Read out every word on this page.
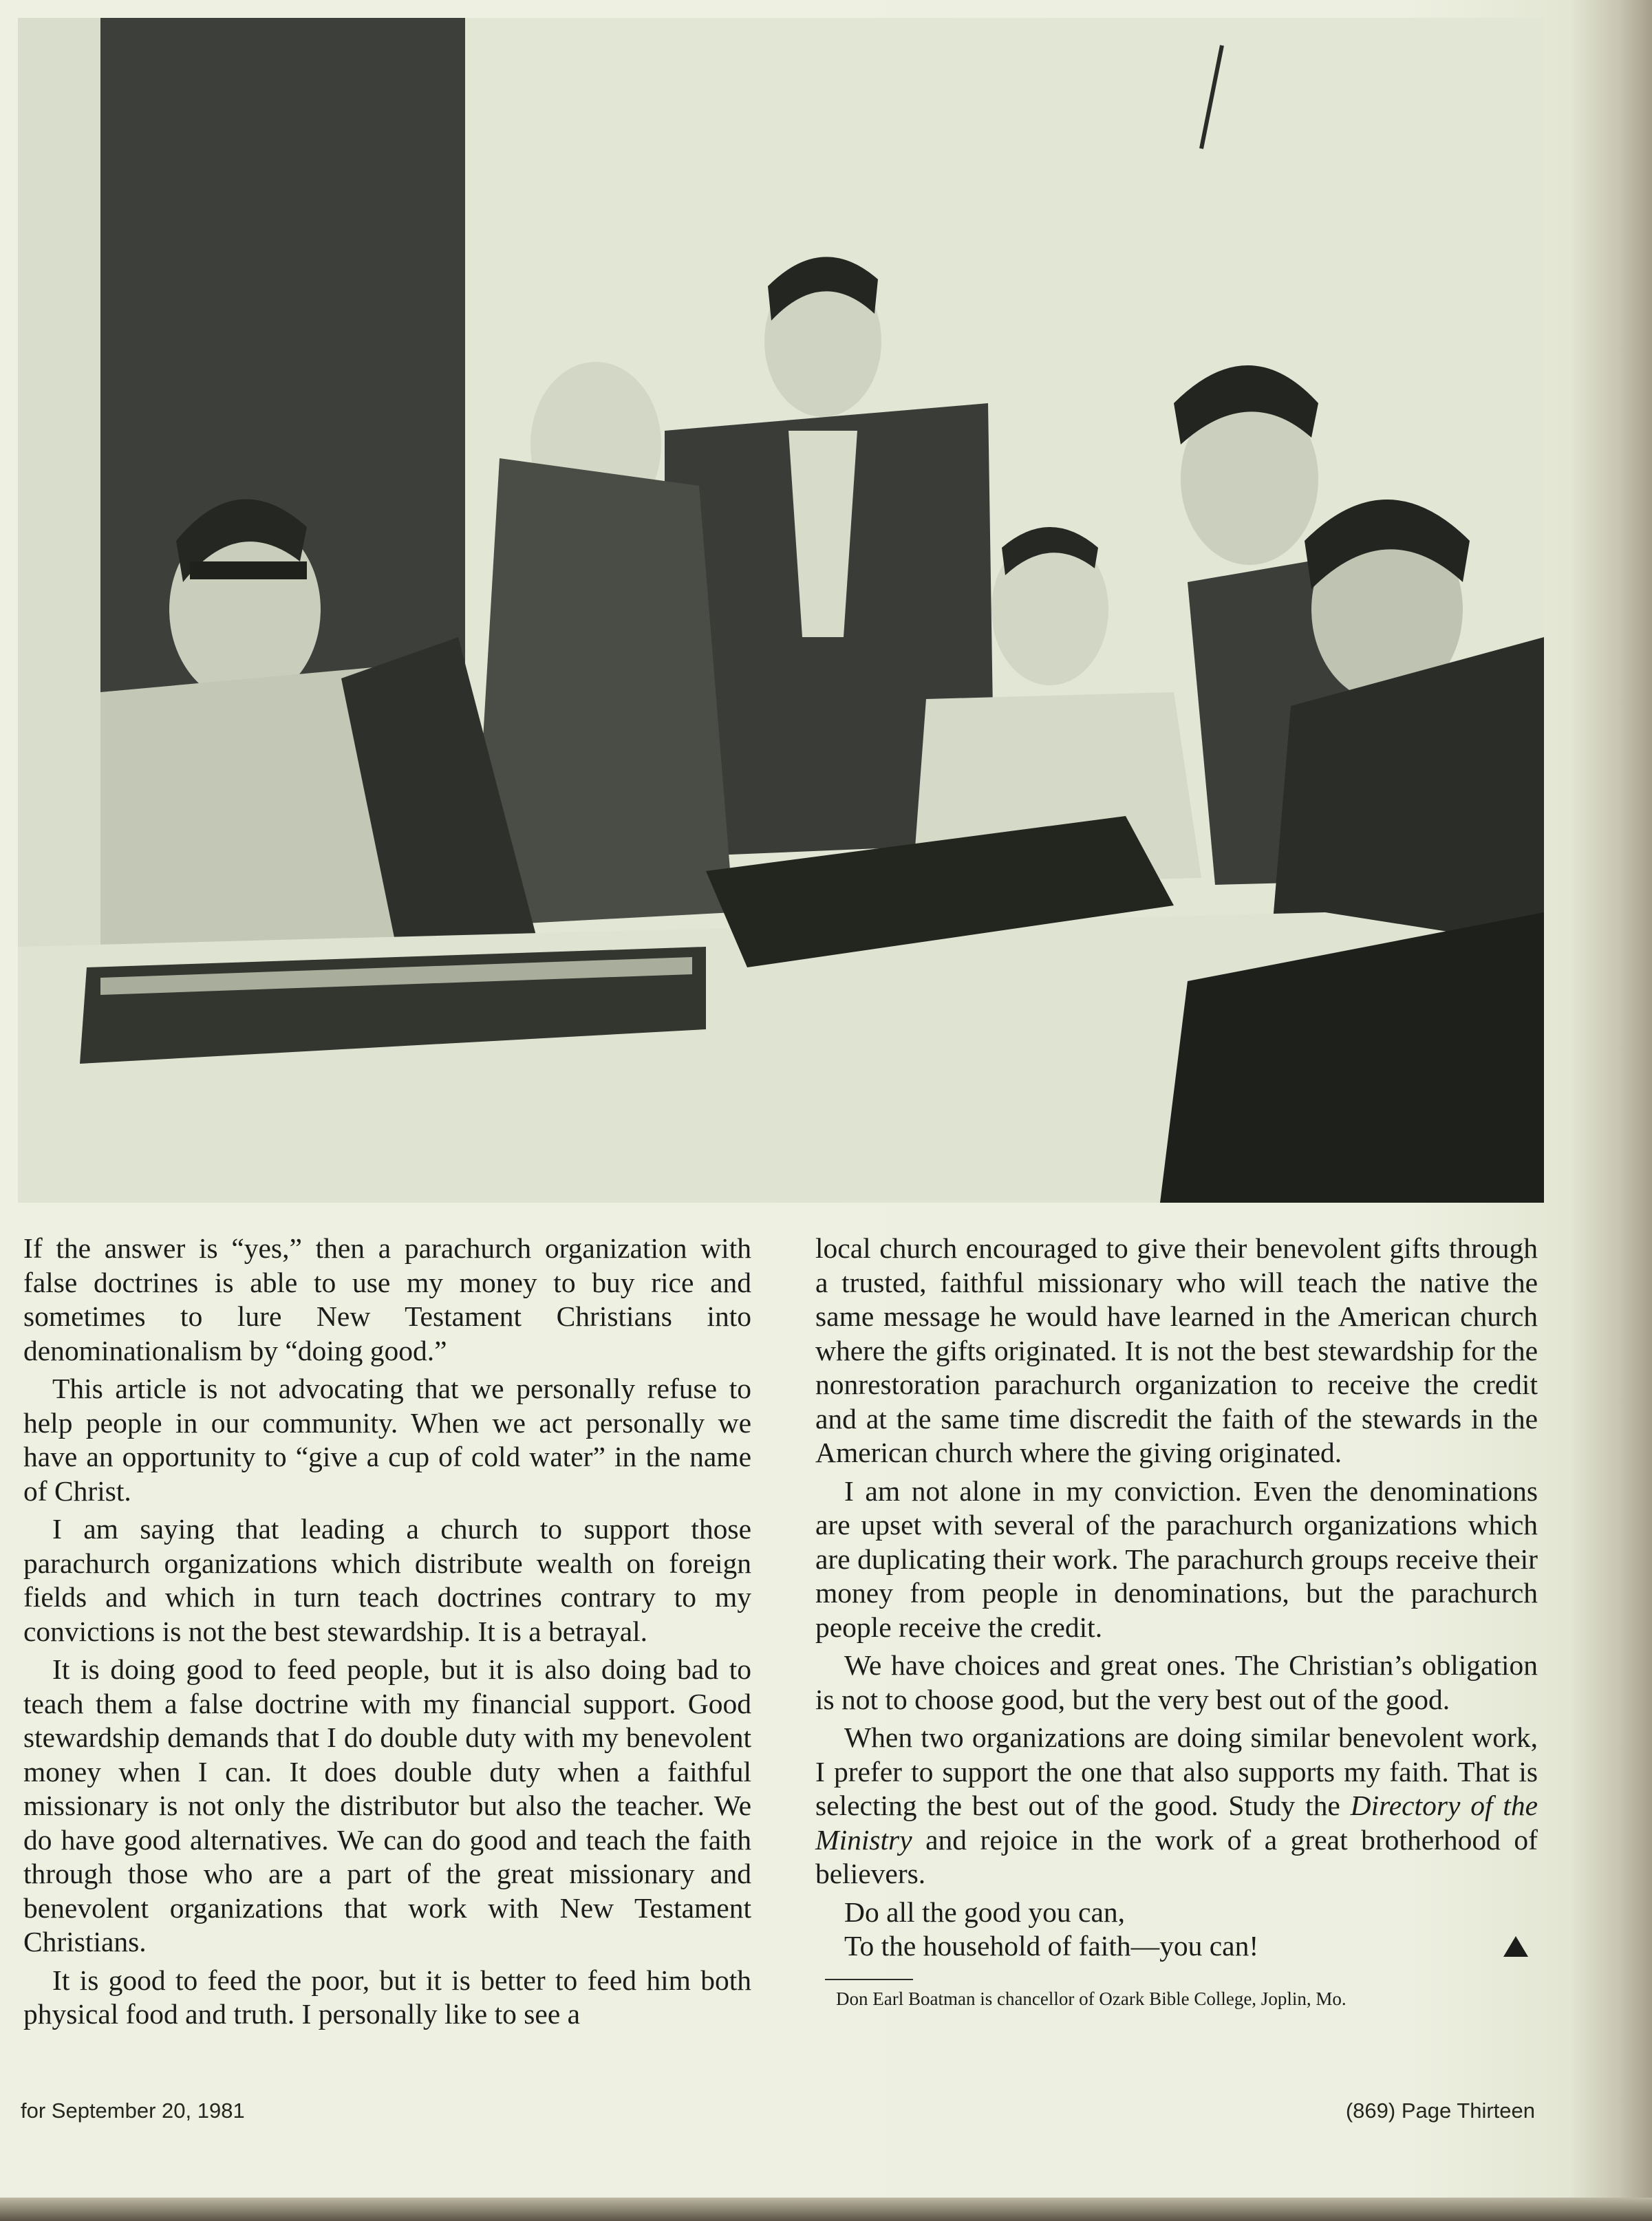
If the answer is “yes,” then a parachurch organization with false doctrines is able to use my money to buy rice and sometimes to lure New Testament Christians into denominationalism by “doing good.”

This article is not advocating that we personally refuse to help people in our community. When we act personally we have an opportunity to “give a cup of cold water” in the name of Christ.

I am saying that leading a church to support those parachurch organizations which distribute wealth on foreign fields and which in turn teach doctrines contrary to my convictions is not the best stewardship. It is a betrayal.

It is doing good to feed people, but it is also doing bad to teach them a false doctrine with my financial support. Good stewardship demands that I do double duty with my benevolent money when I can. It does double duty when a faithful missionary is not only the distributor but also the teacher. We do have good alternatives. We can do good and teach the faith through those who are a part of the great missionary and benevolent organizations that work with New Testament Christians.

It is good to feed the poor, but it is better to feed him both physical food and truth. I personally like to see a

local church encouraged to give their benevolent gifts through a trusted, faithful missionary who will teach the native the same message he would have learned in the American church where the gifts originated. It is not the best stewardship for the nonrestoration parachurch organization to receive the credit and at the same time discredit the faith of the stewards in the American church where the giving originated.

I am not alone in my conviction. Even the denominations are upset with several of the parachurch organizations which are duplicating their work. The parachurch groups receive their money from people in denominations, but the parachurch people receive the credit.

We have choices and great ones. The Christian’s obligation is not to choose good, but the very best out of the good.

When two organizations are doing similar benevolent work, I prefer to support the one that also supports my faith. That is selecting the best out of the good. Study the Directory of the Ministry and rejoice in the work of a great brotherhood of believers.

Do all the good you can,

To the household of faith—you can!

Don Earl Boatman is chancellor of Ozark Bible College, Joplin, Mo.
for September 20, 1981	(869) Page Thirteen
